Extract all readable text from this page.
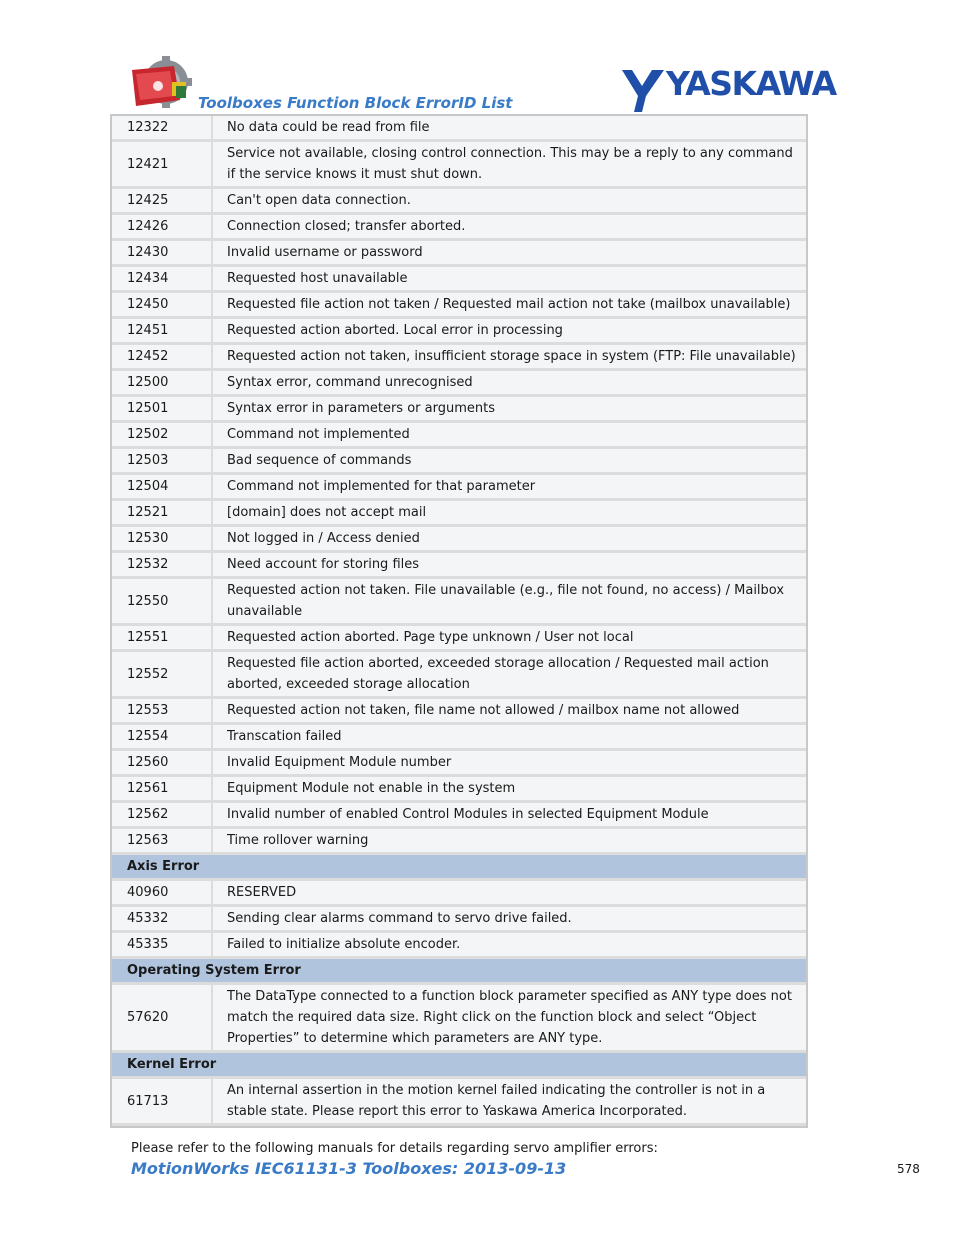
Toolboxes Function Block ErrorID List	YASKAWA
12322	No data could be read from file
12421	Service not available, closing control connection. This may be a reply to any command if the service knows it must shut down.
12425	Can't open data connection.
12426	Connection closed; transfer aborted.
12430	Invalid username or password
12434	Requested host unavailable
12450	Requested file action not taken / Requested mail action not take (mailbox unavailable)
12451	Requested action aborted. Local error in processing
12452	Requested action not taken, insufficient storage space in system (FTP: File unavailable)
12500	Syntax error, command unrecognised
12501	Syntax error in parameters or arguments
12502	Command not implemented
12503	Bad sequence of commands
12504	Command not implemented for that parameter
12521	[domain] does not accept mail
12530	Not logged in / Access denied
12532	Need account for storing files
12550	Requested action not taken. File unavailable (e.g., file not found, no access) / Mailbox unavailable
12551	Requested action aborted. Page type unknown / User not local
12552	Requested file action aborted, exceeded storage allocation / Requested mail action aborted, exceeded storage allocation
12553	Requested action not taken, file name not allowed / mailbox name not allowed
12554	Transcation failed
12560	Invalid Equipment Module number
12561	Equipment Module not enable in the system
12562	Invalid number of enabled Control Modules in selected Equipment Module
12563	Time rollover warning
Axis Error	
40960	RESERVED
45332	Sending clear alarms command to servo drive failed.
45335	Failed to initialize absolute encoder.
Operating System Error	
57620	The DataType connected to a function block parameter specified as ANY type does not match the required data size. Right click on the function block and select “Object Properties” to determine which parameters are ANY type.
Kernel Error	
61713	An internal assertion in the motion kernel failed indicating the controller is not in a stable state. Please report this error to Yaskawa America Incorporated.
Please refer to the following manuals for details regarding servo amplifier errors:
MotionWorks IEC61131-3 Toolboxes: 2013-09-13	578
